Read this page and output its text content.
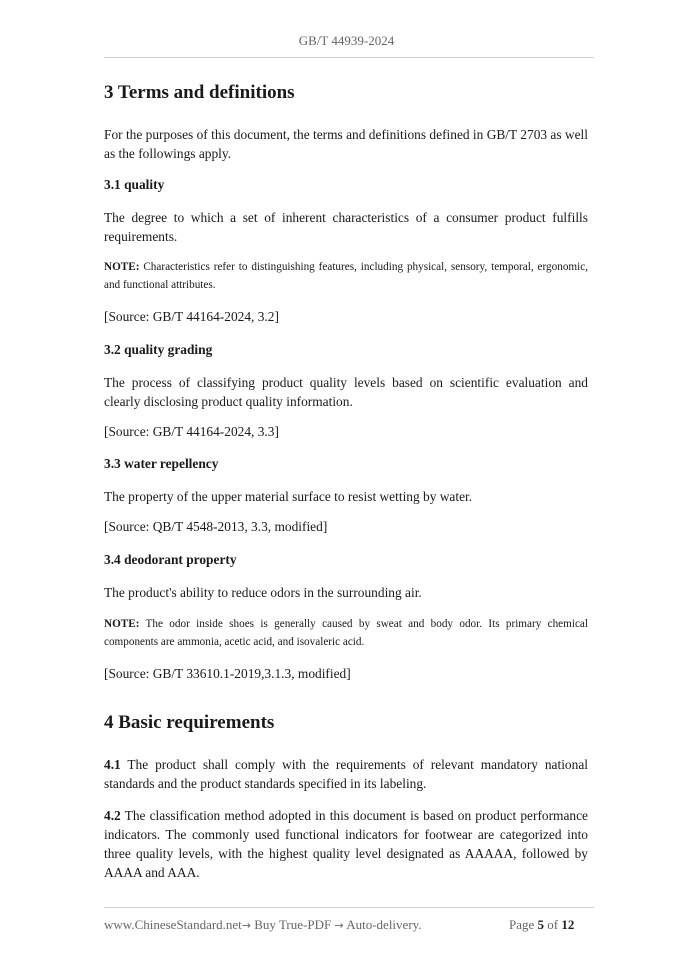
GB/T 44939-2024
3 Terms and definitions

For the purposes of this document, the terms and definitions defined in GB/T 2703 as well as the followings apply.

3.1 quality

The degree to which a set of inherent characteristics of a consumer product fulfills requirements.

NOTE: Characteristics refer to distinguishing features, including physical, sensory, temporal, ergonomic, and functional attributes.

[Source: GB/T 44164-2024, 3.2]

3.2 quality grading

The process of classifying product quality levels based on scientific evaluation and clearly disclosing product quality information.

[Source: GB/T 44164-2024, 3.3]

3.3 water repellency

The property of the upper material surface to resist wetting by water.

[Source: QB/T 4548-2013, 3.3, modified]

3.4 deodorant property

The product's ability to reduce odors in the surrounding air.

NOTE: The odor inside shoes is generally caused by sweat and body odor. Its primary chemical components are ammonia, acetic acid, and isovaleric acid.

[Source: GB/T 33610.1-2019,3.1.3, modified]

4 Basic requirements

4.1 The product shall comply with the requirements of relevant mandatory national standards and the product standards specified in its labeling.

4.2 The classification method adopted in this document is based on product performance indicators. The commonly used functional indicators for footwear are categorized into three quality levels, with the highest quality level designated as AAAAA, followed by AAAA and AAA.

www.ChineseStandard.net→ Buy True-PDF → Auto-delivery.	Page 5 of 12
